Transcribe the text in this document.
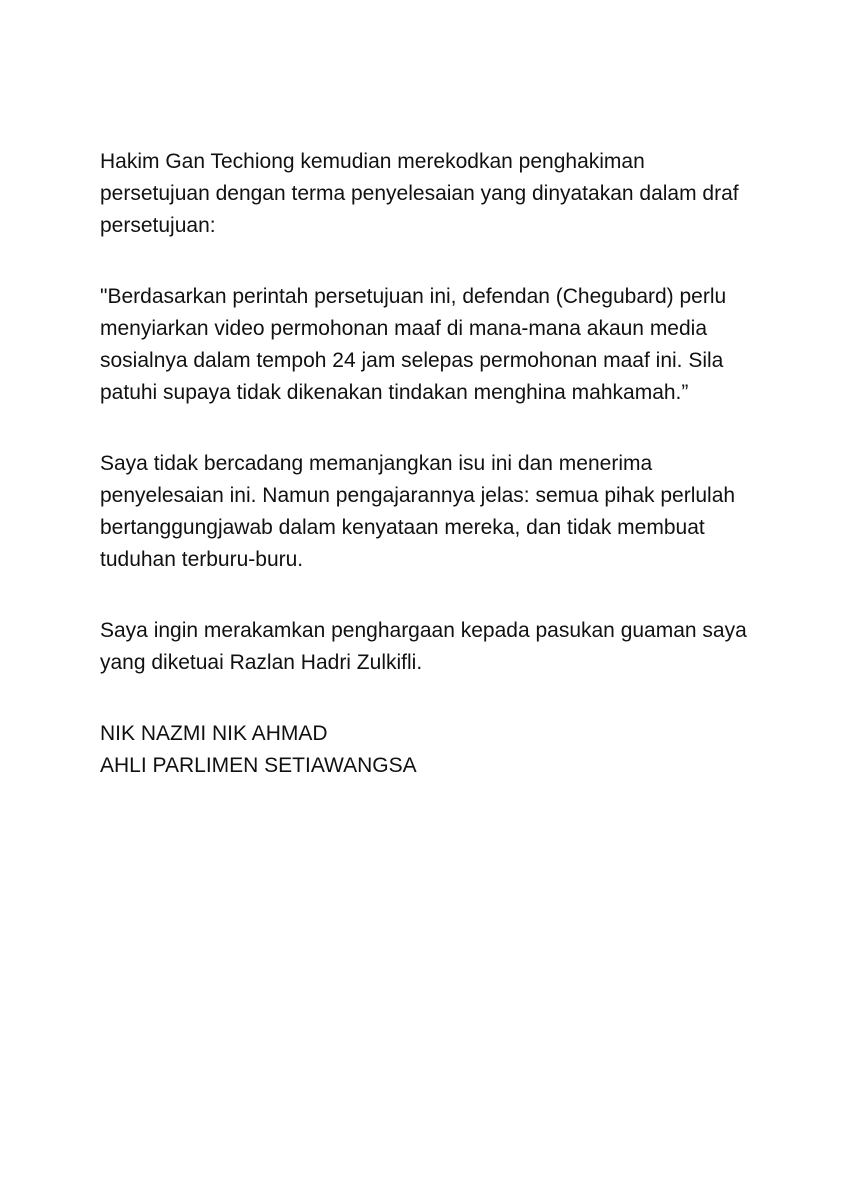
Hakim Gan Techiong kemudian merekodkan penghakiman
persetujuan dengan terma penyelesaian yang dinyatakan dalam draf
persetujuan:

"Berdasarkan perintah persetujuan ini, defendan (Chegubard) perlu
menyiarkan video permohonan maaf di mana-mana akaun media
sosialnya dalam tempoh 24 jam selepas permohonan maaf ini. Sila
patuhi supaya tidak dikenakan tindakan menghina mahkamah.”

Saya tidak bercadang memanjangkan isu ini dan menerima
penyelesaian ini. Namun pengajarannya jelas: semua pihak perlulah
bertanggungjawab dalam kenyataan mereka, dan tidak membuat
tuduhan terburu-buru.

Saya ingin merakamkan penghargaan kepada pasukan guaman saya
yang diketuai Razlan Hadri Zulkifli.

NIK NAZMI NIK AHMAD
AHLI PARLIMEN SETIAWANGSA
